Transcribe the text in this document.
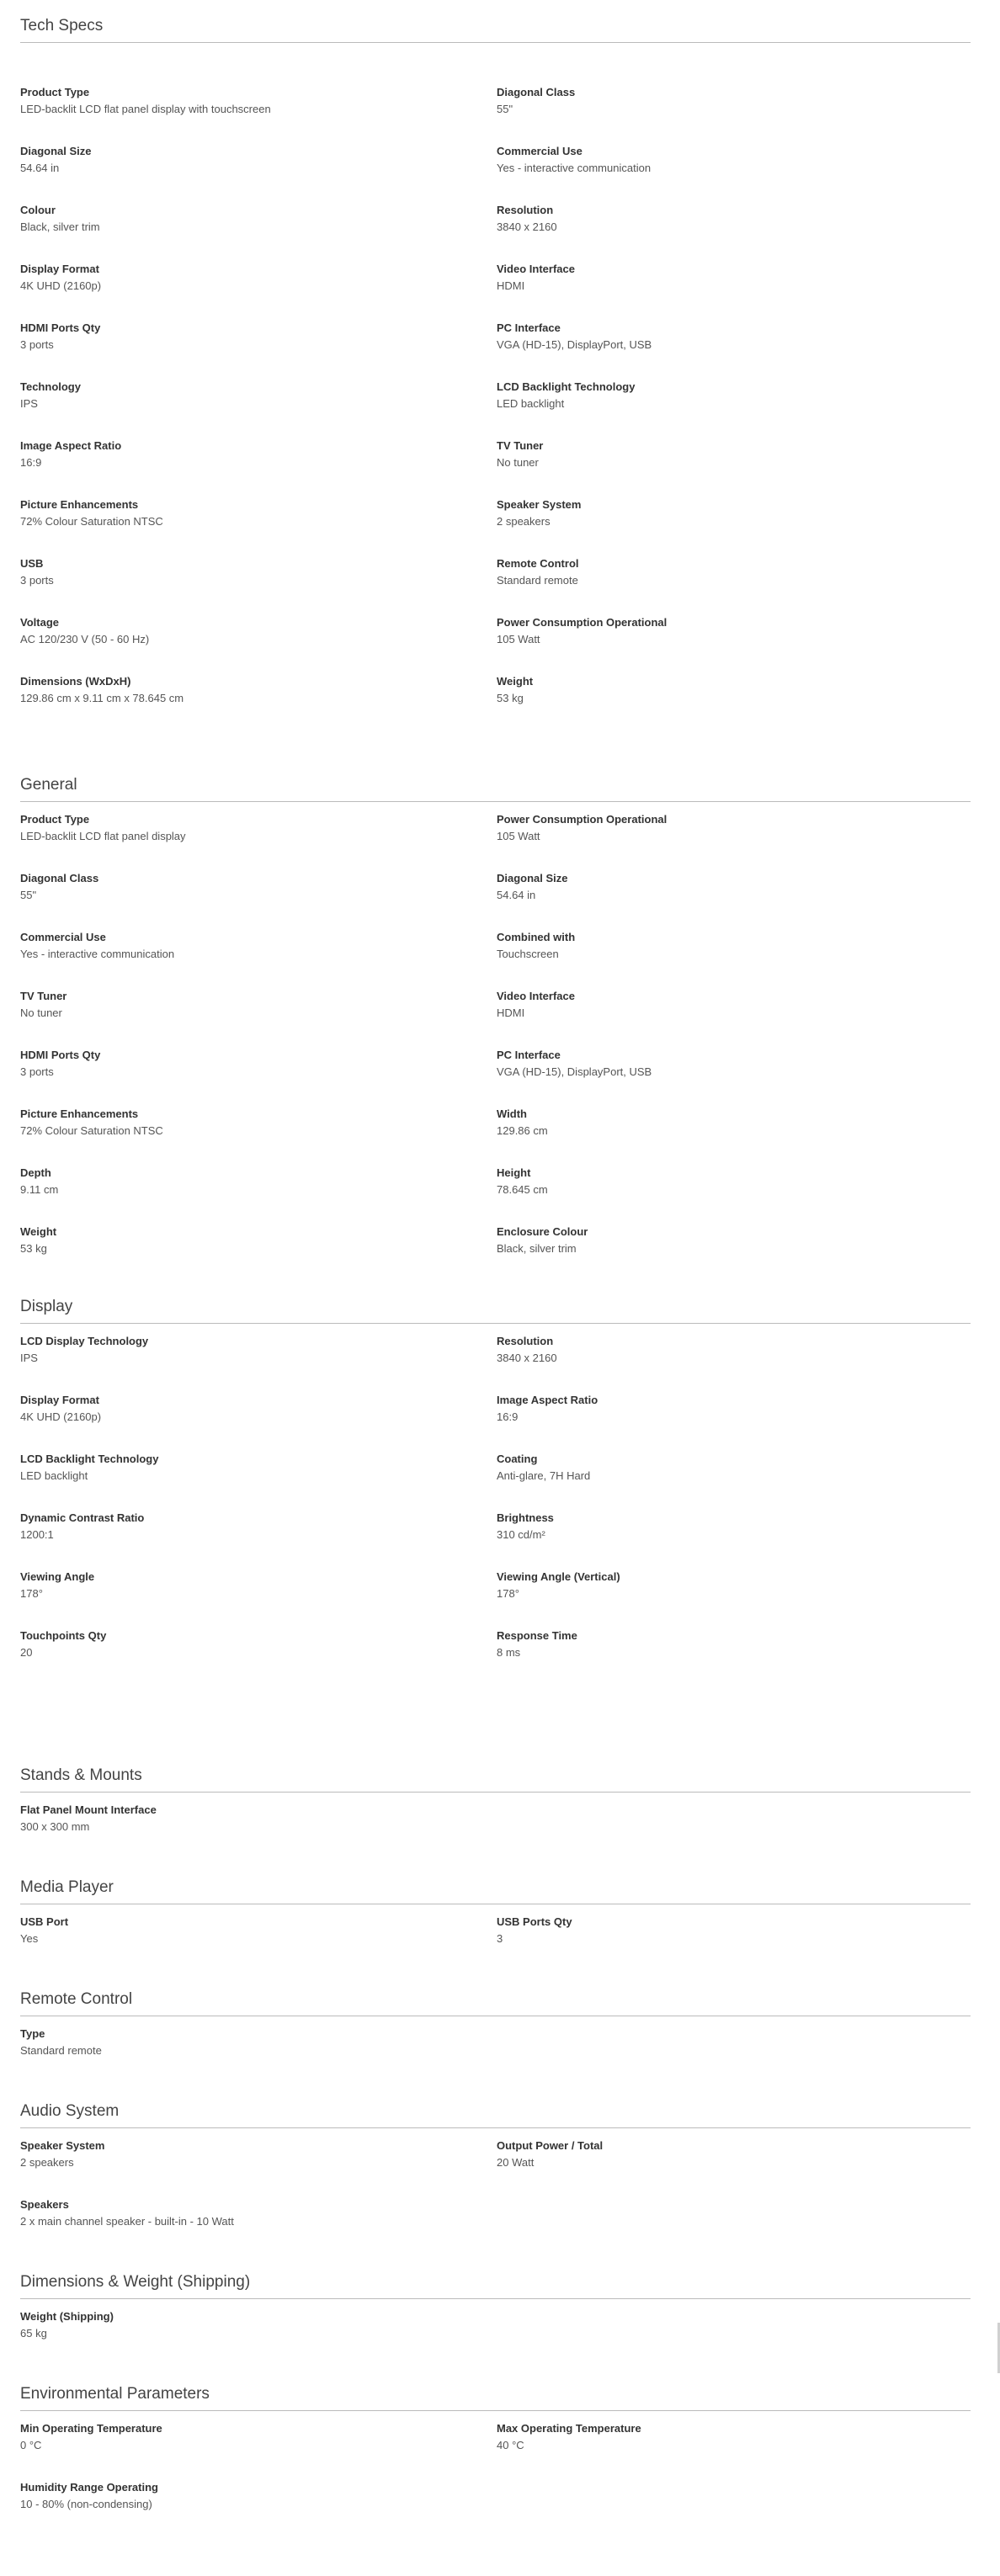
Tech Specs
Product Type
LED-backlit LCD flat panel display with touchscreen
Diagonal Class
55"
Diagonal Size
54.64 in
Commercial Use
Yes - interactive communication
Colour
Black, silver trim
Resolution
3840 x 2160
Display Format
4K UHD (2160p)
Video Interface
HDMI
HDMI Ports Qty
3 ports
PC Interface
VGA (HD-15), DisplayPort, USB
Technology
IPS
LCD Backlight Technology
LED backlight
Image Aspect Ratio
16:9
TV Tuner
No tuner
Picture Enhancements
72% Colour Saturation NTSC
Speaker System
2 speakers
USB
3 ports
Remote Control
Standard remote
Voltage
AC 120/230 V (50 - 60 Hz)
Power Consumption Operational
105 Watt
Dimensions (WxDxH)
129.86 cm x 9.11 cm x 78.645 cm
Weight
53 kg
General
Product Type
LED-backlit LCD flat panel display
Power Consumption Operational
105 Watt
Diagonal Class
55"
Diagonal Size
54.64 in
Commercial Use
Yes - interactive communication
Combined with
Touchscreen
TV Tuner
No tuner
Video Interface
HDMI
HDMI Ports Qty
3 ports
PC Interface
VGA (HD-15), DisplayPort, USB
Picture Enhancements
72% Colour Saturation NTSC
Width
129.86 cm
Depth
9.11 cm
Height
78.645 cm
Weight
53 kg
Enclosure Colour
Black, silver trim
Display
LCD Display Technology
IPS
Resolution
3840 x 2160
Display Format
4K UHD (2160p)
Image Aspect Ratio
16:9
LCD Backlight Technology
LED backlight
Coating
Anti-glare, 7H Hard
Dynamic Contrast Ratio
1200:1
Brightness
310 cd/m²
Viewing Angle
178°
Viewing Angle (Vertical)
178°
Touchpoints Qty
20
Response Time
8 ms
Stands & Mounts
Flat Panel Mount Interface
300 x 300 mm
Media Player
USB Port
Yes
USB Ports Qty
3
Remote Control
Type
Standard remote
Audio System
Speaker System
2 speakers
Output Power / Total
20 Watt
Speakers
2 x main channel speaker - built-in - 10 Watt
Dimensions & Weight (Shipping)
Weight (Shipping)
65 kg
Environmental Parameters
Min Operating Temperature
0 °C
Max Operating Temperature
40 °C
Humidity Range Operating
10 - 80% (non-condensing)
